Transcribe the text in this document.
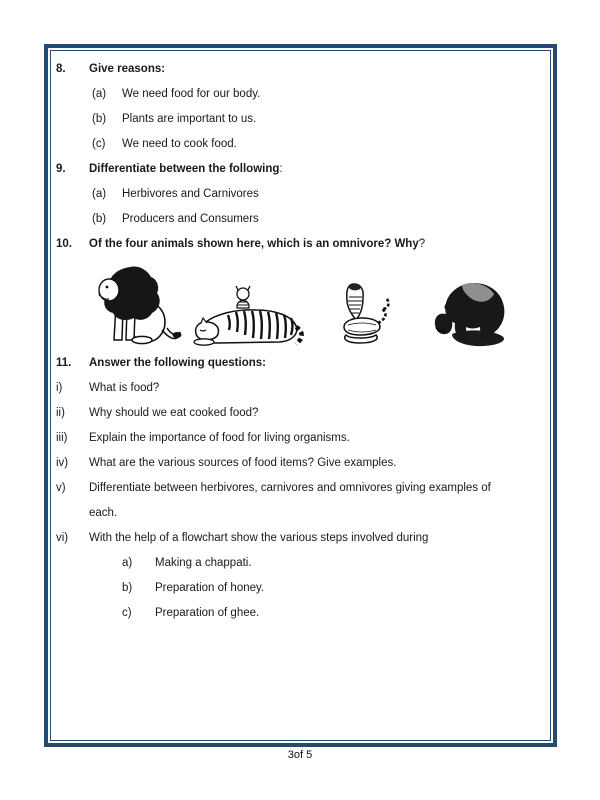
8.	Give reasons:
(a)	We need food for our body.
(b)	Plants are important to us.
(c)	We need to cook food.
9.	Differentiate between the following:
(a)	Herbivores and Carnivores
(b)	Producers and Consumers
10.	Of the four animals shown here, which is an omnivore? Why?
11.	Answer the following questions:
i)	What is food?
ii)	Why should we eat cooked food?
iii)	Explain the importance of food for living organisms.
iv)	What are the various sources of food items? Give examples.
v)	Differentiate between herbivores, carnivores and omnivores giving examples of each.
vi)	With the help of a flowchart show the various steps involved during
a)	Making a chappati.
b)	Preparation of honey.
c)	Preparation of ghee.
3of 5
